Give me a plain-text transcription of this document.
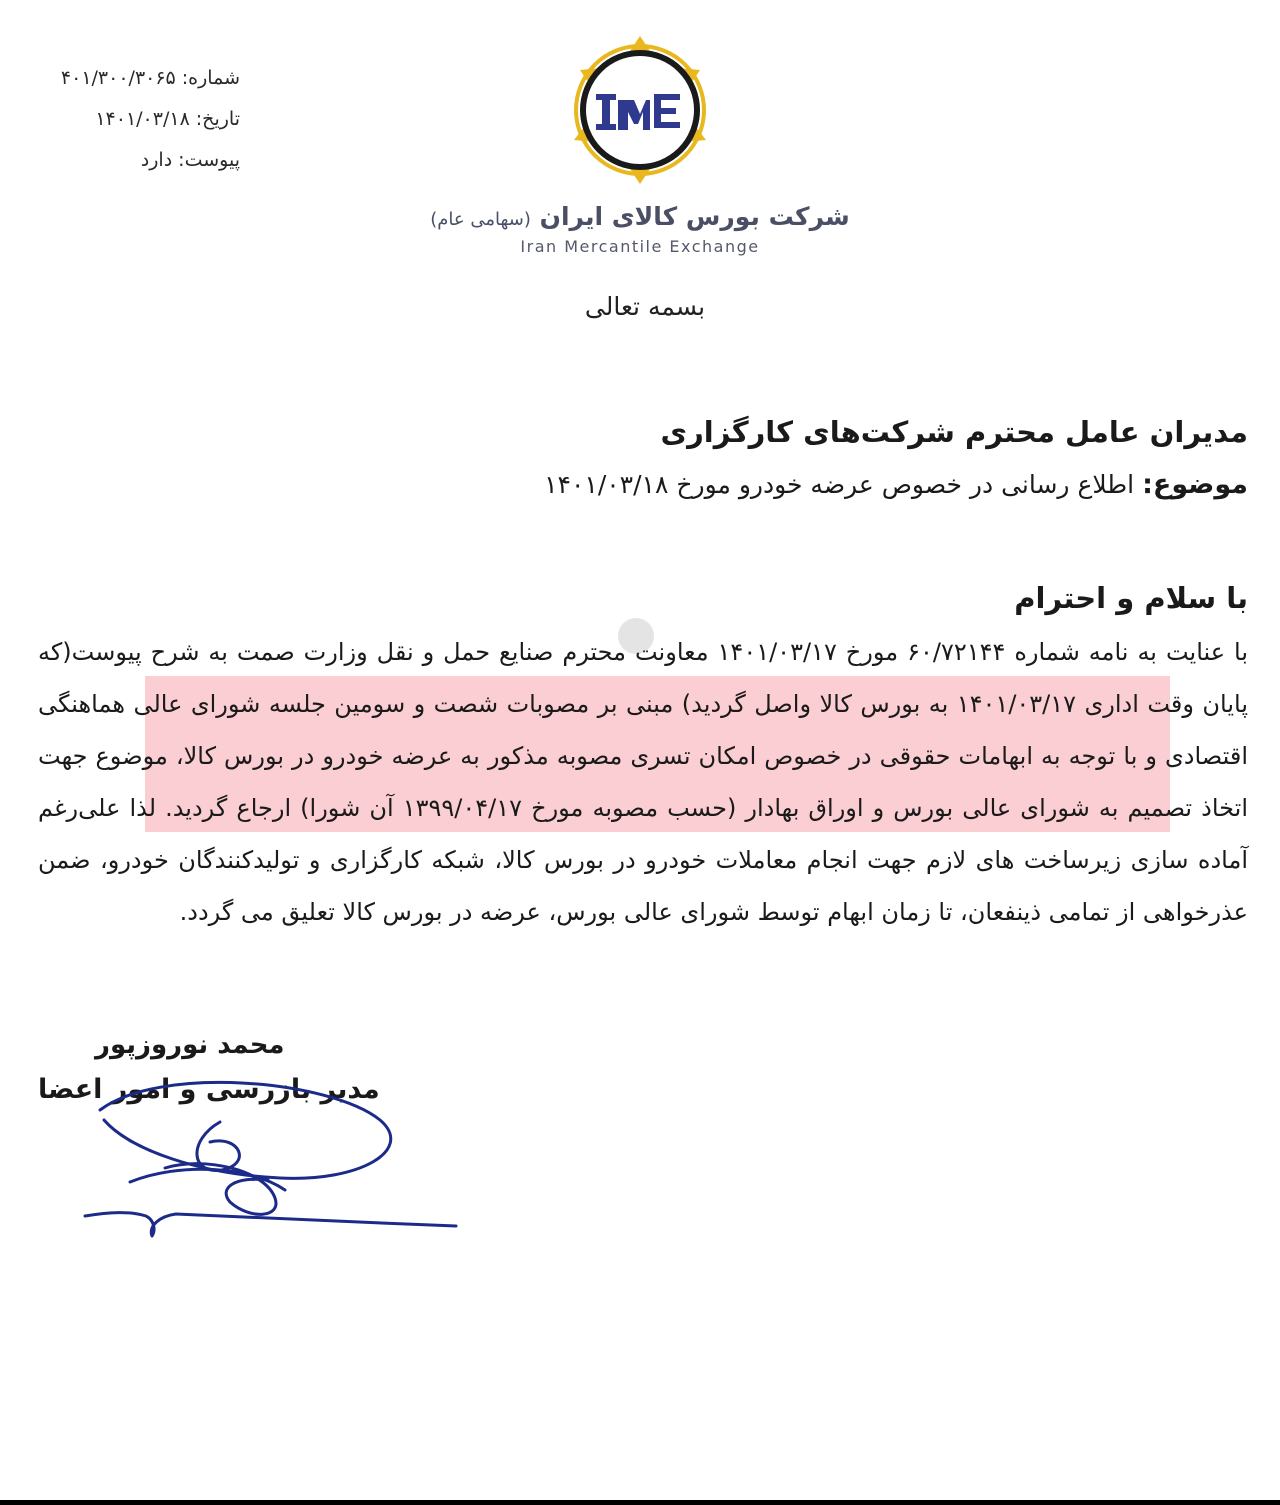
شماره:۴۰۱/۳۰۰/۳۰۶۵
تاریخ:۱۴۰۱/۰۳/۱۸
پیوست:دارد
شرکت بورس کالای ایران (سهامی عام)
Iran Mercantile Exchange
بسمه تعالی
مدیران عامل محترم شرکت‌های کارگزاری
موضوع: اطلاع رسانی در خصوص عرضه خودرو مورخ ۱۴۰۱/۰۳/۱۸
با سلام و احترام
با عنایت به نامه شماره ۶۰/۷۲۱۴۴ مورخ ۱۴۰۱/۰۳/۱۷ معاونت محترم صنایع حمل و نقل وزارت صمت به شرح پیوست(که پایان وقت اداری ۱۴۰۱/۰۳/۱۷ به بورس کالا واصل گردید) مبنی بر مصوبات شصت و سومین جلسه شورای عالی هماهنگی اقتصادی و با توجه به ابهامات حقوقی در خصوص امکان تسری مصوبه مذکور به عرضه خودرو در بورس کالا، موضوع جهت اتخاذ تصمیم به شورای عالی بورس و اوراق بهادار (حسب مصوبه مورخ ۱۳۹۹/۰۴/۱۷ آن شورا) ارجاع گردید. لذا علی‌رغم آماده سازی زیرساخت های لازم جهت انجام معاملات خودرو در بورس کالا، شبکه کارگزاری و تولیدکنندگان خودرو، ضمن عذرخواهی از تمامی ذینفعان، تا زمان ابهام توسط شورای عالی بورس، عرضه در بورس کالا تعلیق می گردد.
محمد نوروزپور
مدیر بازرسی و امور اعضا
